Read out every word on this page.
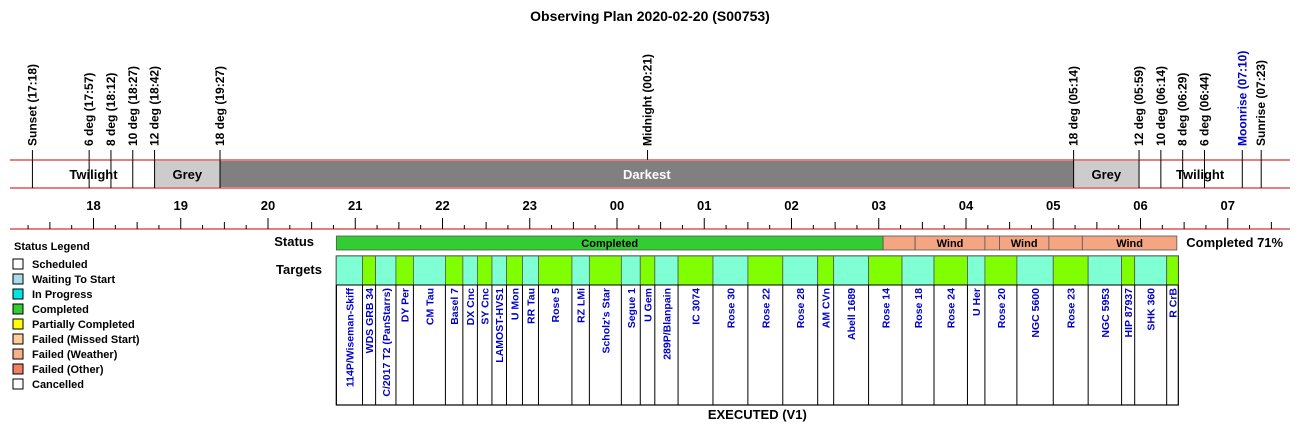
Observing Plan 2020-02-20 (S00753)
Sunset (17:18)	6 deg (17:57) 8 deg (18:12) 10 deg (18:27) 12 deg (18:42)	18 deg (19:27)	Midnight (00:21)	18 deg (05:14)	12 deg (05:59) 10 deg (06:14) 8 deg (06:29) 6 deg (06:44) Moonrise (07:10) Sunrise (07:23)
Twilight	Grey	Darkest	Grey	Twilight
18	19	20	21	22	23	00	01	02	03	04	05	06	07
Status Legend
Scheduled
Waiting To Start
In Progress
Completed
Partially Completed
Failed (Missed Start)
Failed (Weather)
Failed (Other)
Cancelled
Status	Completed	Wind	Wind	Wind	Completed 71%
Targets
114P/Wiseman-Skiff WDS GRB 34 C/2017 T2 (PanStarrs) DY Per CM Tau Basel 7 DX Cnc SY Cnc LAMOST-HVS1 U Mon RR Tau Rose 5 RZ LMi Scholz's Star Segue 1 U Gem 289P/Blanpain IC 3074 Rose 30 Rose 22 Rose 28 AM CVn Abell 1689 Rose 14 Rose 18 Rose 24 U Her Rose 20 NGC 5600 Rose 23 NGC 5953 HIP 87937 SHK 360 R CrB
EXECUTED (V1)
